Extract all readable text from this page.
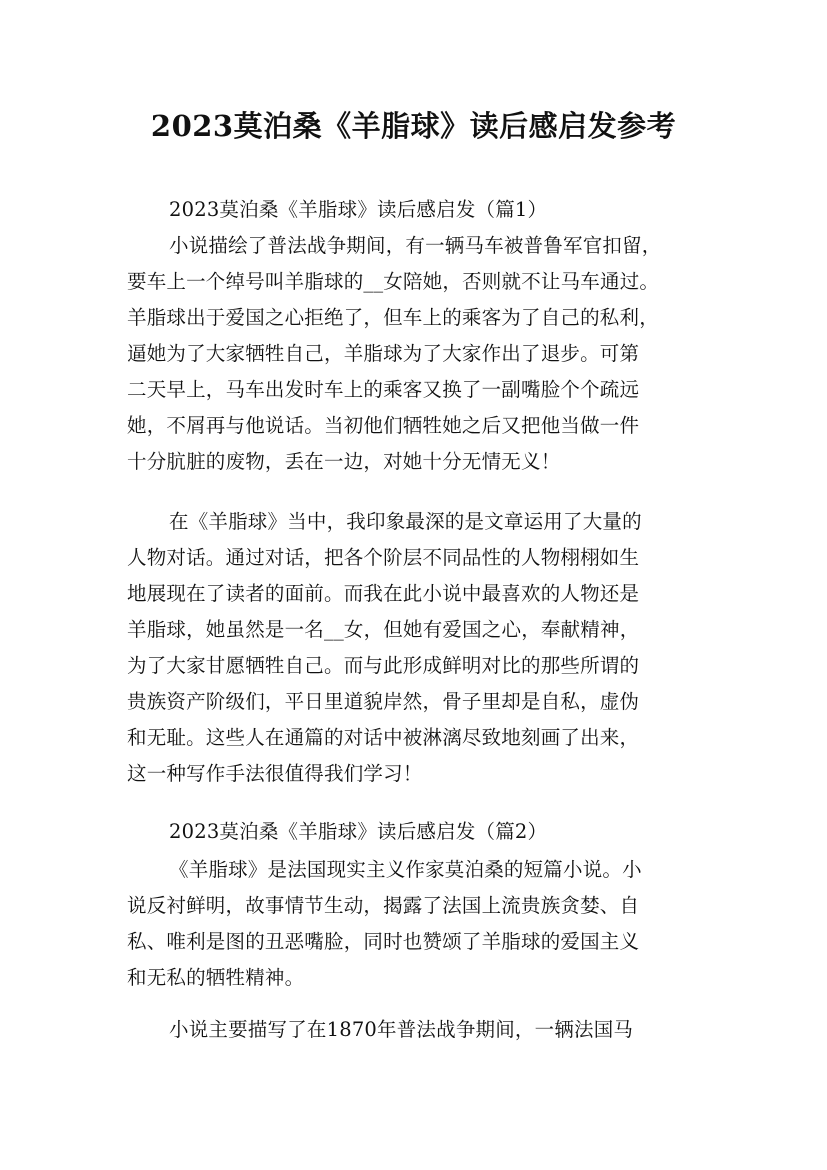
2023莫泊桑《羊脂球》读后感启发参考
2023莫泊桑《羊脂球》读后感启发（篇1）
小说描绘了普法战争期间，有一辆马车被普鲁军官扣留，
要车上一个绰号叫羊脂球的__女陪她，否则就不让马车通过。
羊脂球出于爱国之心拒绝了，但车上的乘客为了自己的私利，
逼她为了大家牺牲自己，羊脂球为了大家作出了退步。可第
二天早上，马车出发时车上的乘客又换了一副嘴脸个个疏远
她，不屑再与他说话。当初他们牺牲她之后又把他当做一件
十分肮脏的废物，丢在一边，对她十分无情无义！
在《羊脂球》当中，我印象最深的是文章运用了大量的
人物对话。通过对话，把各个阶层不同品性的人物栩栩如生
地展现在了读者的面前。而我在此小说中最喜欢的人物还是
羊脂球，她虽然是一名__女，但她有爱国之心，奉献精神，
为了大家甘愿牺牲自己。而与此形成鲜明对比的那些所谓的
贵族资产阶级们，平日里道貌岸然，骨子里却是自私，虚伪
和无耻。这些人在通篇的对话中被淋漓尽致地刻画了出来，
这一种写作手法很值得我们学习！
2023莫泊桑《羊脂球》读后感启发（篇2）
《羊脂球》是法国现实主义作家莫泊桑的短篇小说。小
说反衬鲜明，故事情节生动，揭露了法国上流贵族贪婪、自
私、唯利是图的丑恶嘴脸，同时也赞颂了羊脂球的爱国主义
和无私的牺牲精神。
小说主要描写了在1870年普法战争期间，一辆法国马
